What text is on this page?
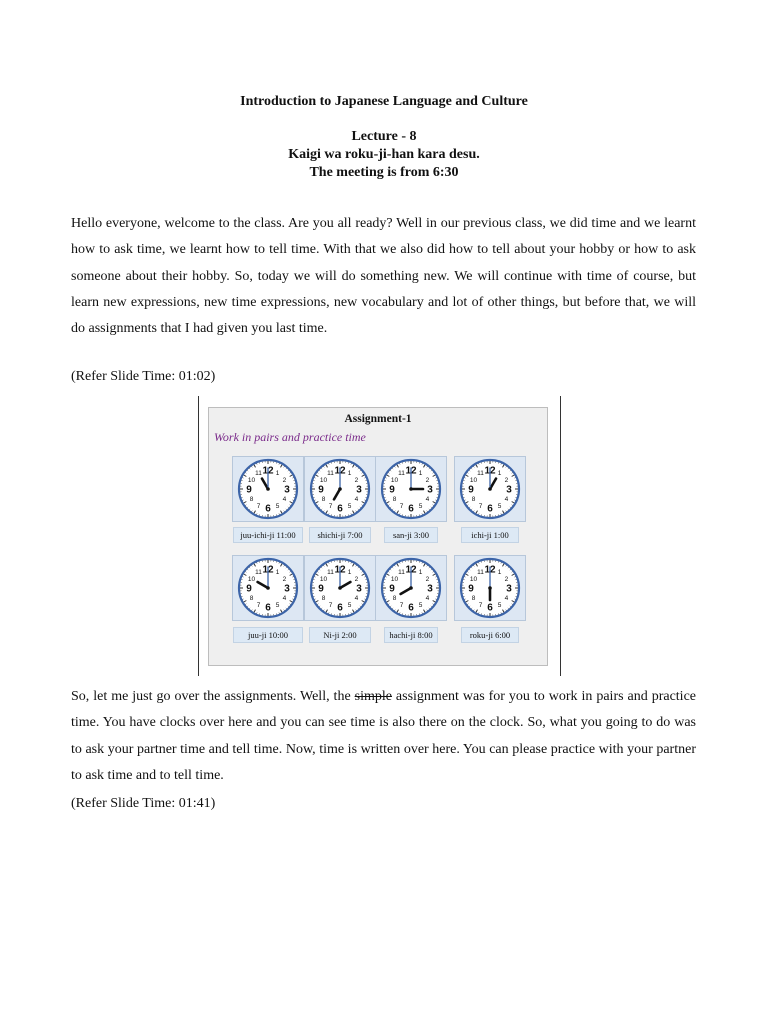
Introduction to Japanese Language and Culture
Lecture - 8
Kaigi wa roku-ji-han kara desu.
The meeting is from 6:30

Hello everyone, welcome to the class. Are you all ready? Well in our previous class, we did time and we learnt how to ask time, we learnt how to tell time. With that we also did how to tell about your hobby or how to ask someone about their hobby. So, today we will do something new. We will continue with time of course, but learn new expressions, new time expressions, new vocabulary and lot of other things, but before that, we will do assignments that I had given you last time.

(Refer Slide Time: 01:02)
Assignment-1
Work in pairs and practice time
12 1
2
3
4
5
6
7
8
9
10
11
juu-ichi-ji 11:00
12 1
2
3
4
5
6
7
8
9
10
11
shichi-ji 7:00
12 1
2
3
4
5
6
7
8
9
10
11
san-ji 3:00
12 1
2
3
4
5
6
7
8
9
10
11
ichi-ji 1:00
12 1
2
3
4
5
6
7
8
9
10
11
juu-ji 10:00
12 1
2
3
4
5
6
7
8
9
10
11
Ni-ji 2:00
12 1
2
3
4
5
6
7
8
9
10
11
hachi-ji 8:00
12 1
2
3
4
5
6
7
8
9
10
11
roku-ji 6:00

So, let me just go over the assignments. Well, the simple assignment was for you to work in pairs and practice time. You have clocks over here and you can see time is also there on the clock. So, what you going to do was to ask your partner time and tell time. Now, time is written over here. You can please practice with your partner to ask time and to tell time.

(Refer Slide Time: 01:41)
